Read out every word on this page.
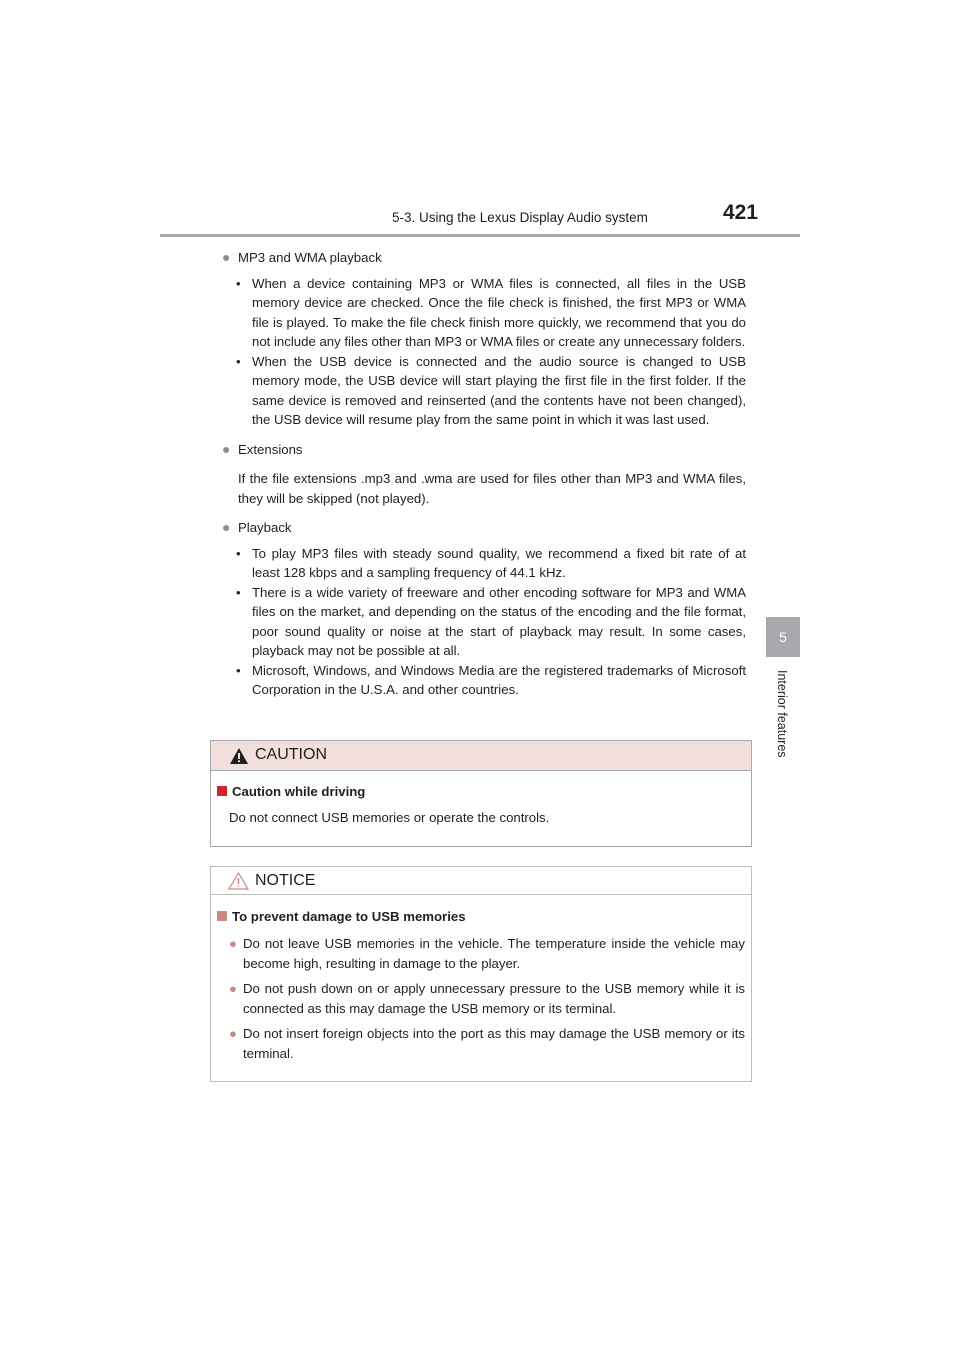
5-3. Using the Lexus Display Audio system	421
5
Interior features
● MP3 and WMA playback
• When a device containing MP3 or WMA files is connected, all files in the USB memory device are checked. Once the file check is finished, the first MP3 or WMA file is played. To make the file check finish more quickly, we recommend that you do not include any files other than MP3 or WMA files or create any unnecessary folders.
• When the USB device is connected and the audio source is changed to USB memory mode, the USB device will start playing the first file in the first folder. If the same device is removed and reinserted (and the contents have not been changed), the USB device will resume play from the same point in which it was last used.
● Extensions
If the file extensions .mp3 and .wma are used for files other than MP3 and WMA files, they will be skipped (not played).
● Playback
• To play MP3 files with steady sound quality, we recommend a fixed bit rate of at least 128 kbps and a sampling frequency of 44.1 kHz.
• There is a wide variety of freeware and other encoding software for MP3 and WMA files on the market, and depending on the status of the encoding and the file format, poor sound quality or noise at the start of playback may result. In some cases, playback may not be possible at all.
• Microsoft, Windows, and Windows Media are the registered trademarks of Microsoft Corporation in the U.S.A. and other countries.
CAUTION
Caution while driving
Do not connect USB memories or operate the controls.
NOTICE
To prevent damage to USB memories
● Do not leave USB memories in the vehicle. The temperature inside the vehicle may become high, resulting in damage to the player.
● Do not push down on or apply unnecessary pressure to the USB memory while it is connected as this may damage the USB memory or its terminal.
● Do not insert foreign objects into the port as this may damage the USB memory or its terminal.
